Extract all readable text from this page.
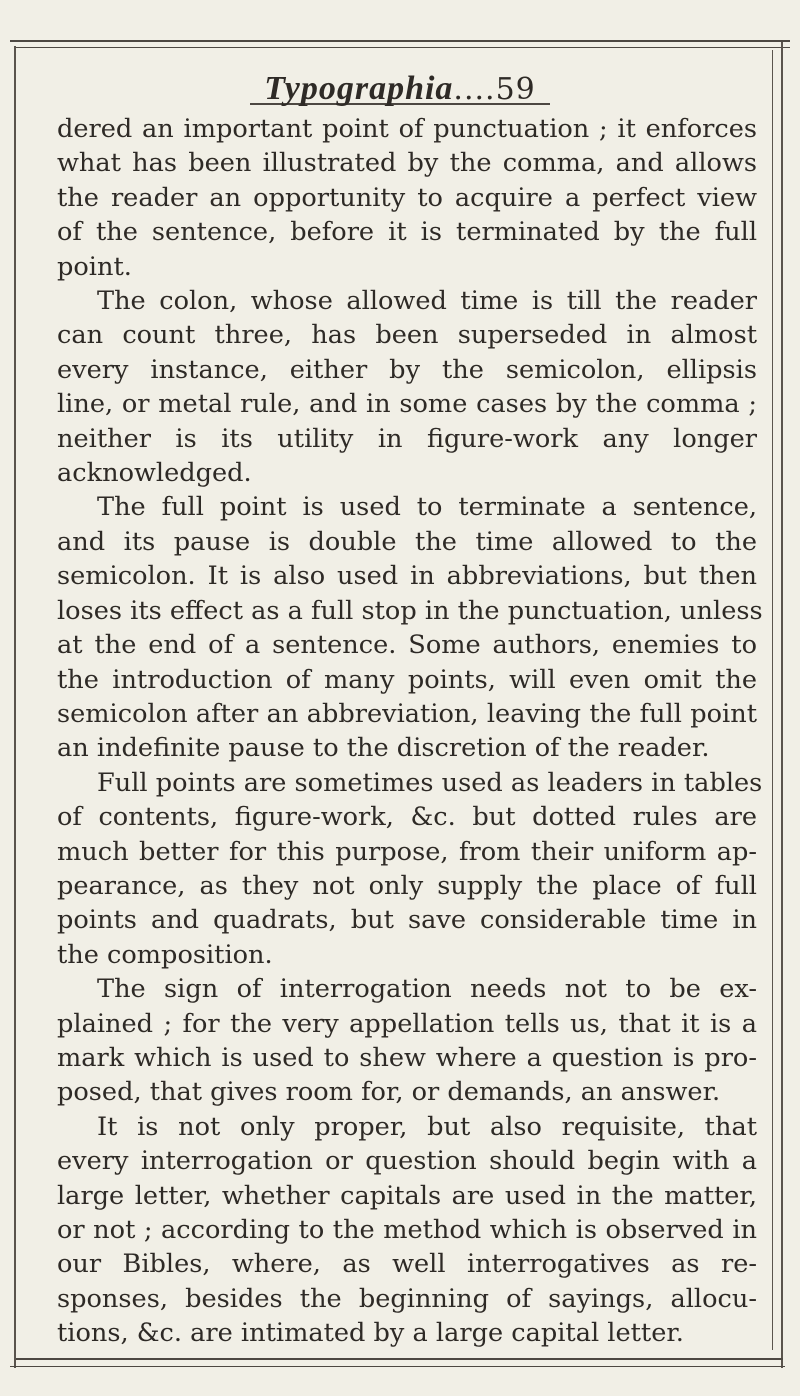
Typographia....59

dered an important point of punctuation ; it enforces
what has been illustrated by the comma, and allows
the reader an opportunity to acquire a perfect view
of the sentence, before it is terminated by the full
point.

The colon, whose allowed time is till the reader
can count three, has been superseded in almost
every instance, either by the semicolon, ellipsis
line, or metal rule, and in some cases by the comma ;
neither is its utility in figure-work any longer
acknowledged.

The full point is used to terminate a sentence,
and its pause is double the time allowed to the
semicolon. It is also used in abbreviations, but then
loses its effect as a full stop in the punctuation, unless
at the end of a sentence. Some authors, enemies to
the introduction of many points, will even omit the
semicolon after an abbreviation, leaving the full point
an indefinite pause to the discretion of the reader.

Full points are sometimes used as leaders in tables
of contents, figure-work, &c. but dotted rules are
much better for this purpose, from their uniform ap-
pearance, as they not only supply the place of full
points and quadrats, but save considerable time in
the composition.

The sign of interrogation needs not to be ex-
plained ; for the very appellation tells us, that it is a
mark which is used to shew where a question is pro-
posed, that gives room for, or demands, an answer.

It is not only proper, but also requisite, that
every interrogation or question should begin with a
large letter, whether capitals are used in the matter,
or not ; according to the method which is observed in
our Bibles, where, as well interrogatives as re-
sponses, besides the beginning of sayings, allocu-
tions, &c. are intimated by a large capital letter.
